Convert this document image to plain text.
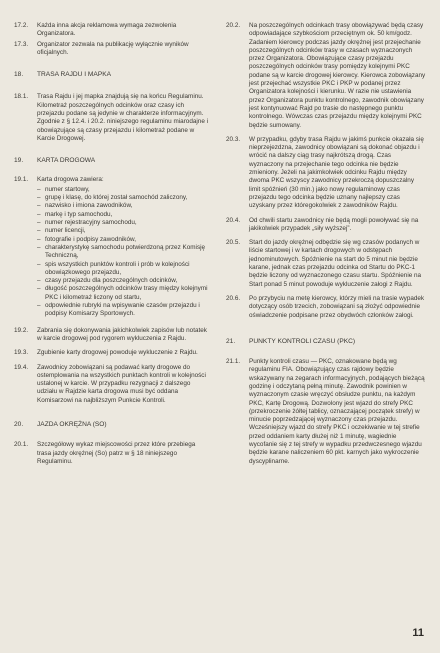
17.2.	Każda inna akcja reklamowa wymaga zezwolenia Organizatora.
17.3.	Organizator zezwala na publikację wyłącznie wyników oficjalnych.
18.	TRASA RAJDU I MAPKA
18.1.	Trasa Rajdu i jej mapka znajdują się na końcu Regulaminu. Kilometraż poszczególnych odcinków oraz czasy ich przejazdu podane są jedynie w charakterze informacyjnym. Zgodnie z § 12.4. i 20.2. niniejszego regulaminu miarodajne i obowiązujące są czasy przejazdu i kilometraż podane w Karcie Drogowej.
19.	KARTA DROGOWA
19.1.	Karta drogowa zawiera:
– numer startowy,
– grupę i klasę, do której został samochód zaliczony,
– nazwisko i imiona zawodników,
– markę i typ samochodu,
– numer rejestracyjny samochodu,
– numer licencji,
– fotografie i podpisy zawodników,
– charakterystykę samochodu potwierdzoną przez Komisję Techniczną,
– spis wszystkich punktów kontroli i prób w kolejności obowiązkowego przejazdu,
– czasy przejazdu dla poszczególnych odcinków,
– długość poszczególnych odcinków trasy między kolejnymi PKC i kilometraż liczony od startu,
– odpowiednie rubryki na wpisywanie czasów przejazdu i podpisy Komisarzy Sportowych.
19.2.	Zabrania się dokonywania jakichkolwiek zapisów lub notatek w karcie drogowej pod rygorem wykluczenia z Rajdu.
19.3.	Zgubienie karty drogowej powoduje wykluczenie z Rajdu.
19.4.	Zawodnicy zobowiązani są podawać karty drogowe do ostemplowania na wszystkich punktach kontroli w kolejności ustalonej w karcie. W przypadku rezygnacji z dalszego udziału w Rajdzie karta drogowa musi być oddana Komisarzowi na najbliższym Punkcie Kontroli.
20.	JAZDA OKRĘŻNA (SO)
20.1.	Szczegółowy wykaz miejscowości przez które przebiega trasa jazdy okrężnej (So) patrz w § 18 niniejszego Regulaminu.
20.2.	Na poszczególnych odcinkach trasy obowiązywać będą czasy odpowiadające szybkościom przeciętnym ok. 50 km/godz. Zadaniem kierowcy podczas jazdy okrężnej jest przejechanie poszczególnych odcinków trasy w czasach wyznaczonych przez Organizatora. Obowiązujące czasy przejazdu poszczególnych odcinków trasy pomiędzy kolejnymi PKC podane są w karcie drogowej kierowcy. Kierowca zobowiązany jest przejechać wszystkie PKC i PKP w podanej przez Organizatora kolejności i kierunku. W razie nie ustawienia przez Organizatora punktu kontrolnego, zawodnik obowiązany jest kontynuować Rajd po trasie do następnego punktu kontrolnego. Wówczas czas przejazdu między kolejnymi PKC będzie sumowany.
20.3.	W przypadku, gdyby trasa Rajdu w jakimś punkcie okazała się nieprzejezdzna, zawodnicy obowiązani są dokonać objazdu i wrócić na dalszy ciąg trasy najkrótszą drogą. Czas wyznaczony na przejechanie tego odcinka nie będzie zmieniony. Jeżeli na jakimkolwiek odcinku Rajdu między dwoma PKC wszyscy zawodnicy przekroczą dopuszczalny limit spóźnień (30 min.) jako nowy regulaminowy czas przejazdu tego odcinka będzie uznany najlepszy czas uzyskany przez któregokolwiek z zawodników Rajdu.
20.4.	Od chwili startu zawodnicy nie będą mogli powoływać się na jakikolwiek przypadek „siły wyższej”.
20.5.	Start do jazdy okrężnej odbędzie się wg czasów podanych w liście startowej i w kartach drogowych w odstępach jednominutowych. Spóźnienie na start do 5 minut nie będzie karane, jednak czas przejazdu odcinka od Startu do PKC-1 będzie liczony od wyznaczonego czasu startu. Spóźnienie na Start ponad 5 minut powoduje wykluczenie załogi z Rajdu.
20.6.	Po przybyciu na metę kierowcy, którzy mieli na trasie wypadek dotyczący osób trzecich, zobowiązani są złożyć odpowiednie oświadczenie podpisane przez obydwóch członków załogi.
21.	PUNKTY KONTROLI CZASU (PKC)
21.1.	Punkty kontroli czasu — PKC, oznakowane będą wg regulaminu FIA. Obowiązujący czas rajdowy będzie wskazywany na zegarach informacyjnych, podających bieżącą godzinę i odczytaną pełną minutę. Zawodnik powinien w wyznaczonym czasie wręczyć obsłudze punktu, na każdym PKC, Kartę Drogową. Dozwolony jest wjazd do strefy PKC (przekroczenie żółtej tablicy, oznaczającej początek strefy) w minucie poprzedzającej wyznaczony czas przejazdu. Wcześniejszy wjazd do strefy PKC i oczekiwanie w tej strefie przed oddaniem karty dłużej niż 1 minutę, wagiednie wycofanie się z tej strefy w wypadku przedwczesnego wjazdu będzie karane naliczeniem 60 pkt. karnych jako wykroczenie dyscyplinarne.
11
